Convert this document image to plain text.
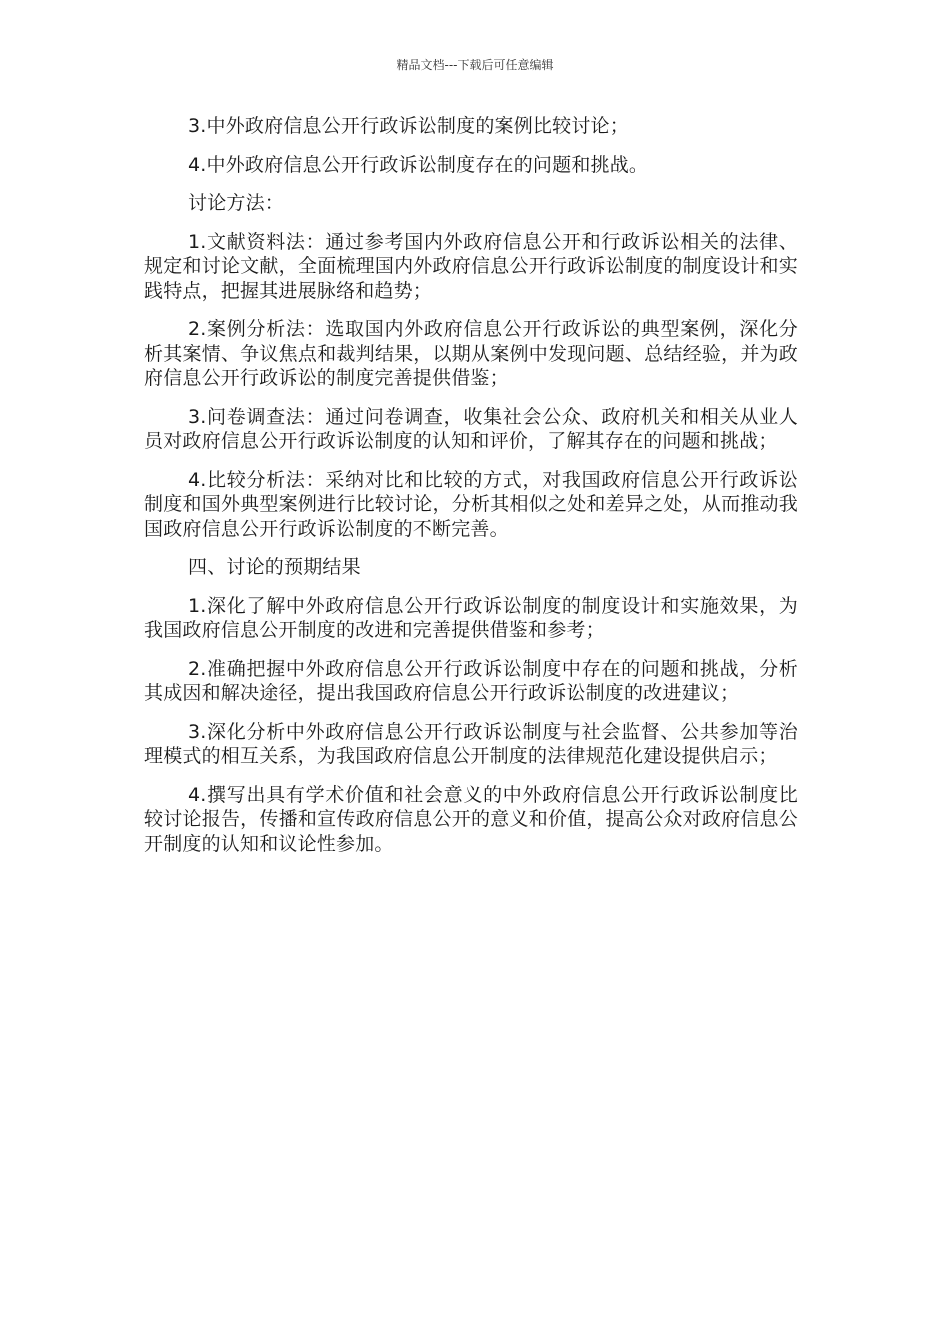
精品文档---下载后可任意编辑

3.中外政府信息公开行政诉讼制度的案例比较讨论；

4.中外政府信息公开行政诉讼制度存在的问题和挑战。

讨论方法：

1.文献资料法：通过参考国内外政府信息公开和行政诉讼相关的法律、规定和讨论文献，全面梳理国内外政府信息公开行政诉讼制度的制度设计和实践特点，把握其进展脉络和趋势；

2.案例分析法：选取国内外政府信息公开行政诉讼的典型案例，深化分析其案情、争议焦点和裁判结果，以期从案例中发现问题、总结经验，并为政府信息公开行政诉讼的制度完善提供借鉴；

3.问卷调查法：通过问卷调查，收集社会公众、政府机关和相关从业人员对政府信息公开行政诉讼制度的认知和评价，了解其存在的问题和挑战；

4.比较分析法：采纳对比和比较的方式，对我国政府信息公开行政诉讼制度和国外典型案例进行比较讨论，分析其相似之处和差异之处，从而推动我国政府信息公开行政诉讼制度的不断完善。

四、讨论的预期结果

1.深化了解中外政府信息公开行政诉讼制度的制度设计和实施效果，为我国政府信息公开制度的改进和完善提供借鉴和参考；

2.准确把握中外政府信息公开行政诉讼制度中存在的问题和挑战，分析其成因和解决途径，提出我国政府信息公开行政诉讼制度的改进建议；

3.深化分析中外政府信息公开行政诉讼制度与社会监督、公共参加等治理模式的相互关系，为我国政府信息公开制度的法律规范化建设提供启示；

4.撰写出具有学术价值和社会意义的中外政府信息公开行政诉讼制度比较讨论报告，传播和宣传政府信息公开的意义和价值，提高公众对政府信息公开制度的认知和议论性参加。
